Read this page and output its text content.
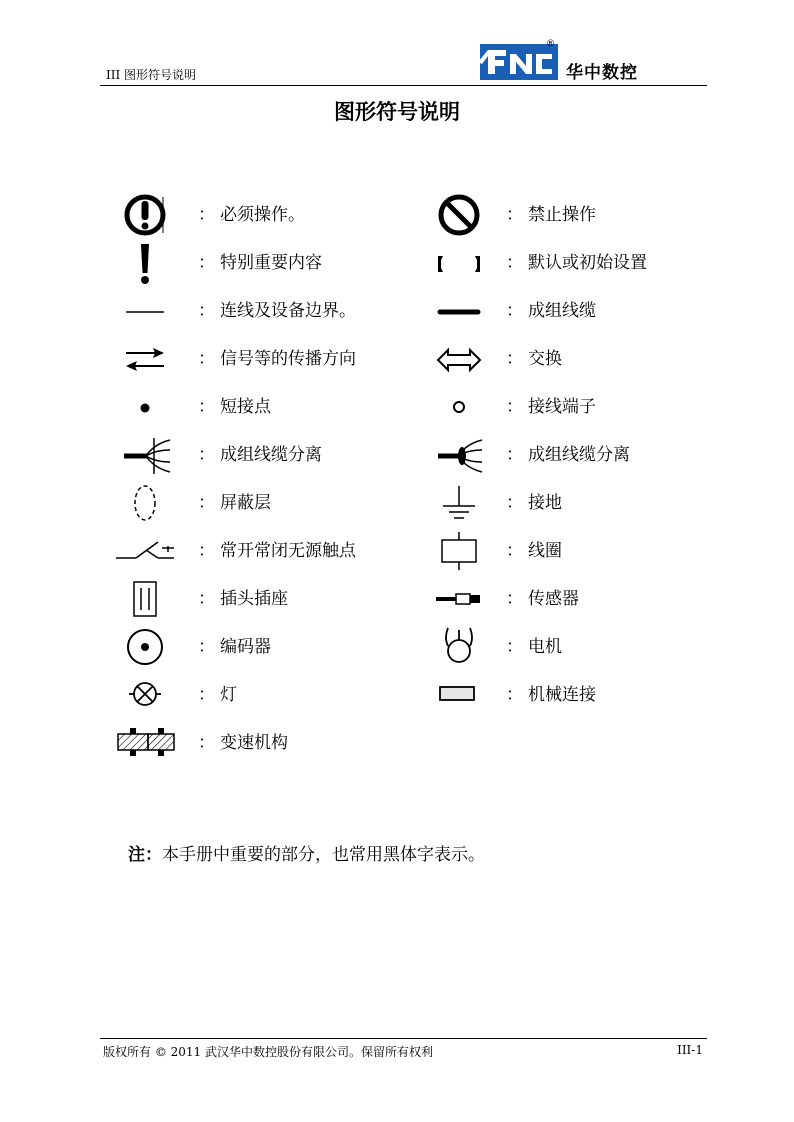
III 图形符号说明
®
华中数控
图形符号说明
： 必须操作。
： 特别重要内容
： 连线及设备边界。
： 信号等的传播方向
： 短接点
： 成组线缆分离
： 屏蔽层
： 常开常闭无源触点
： 插头插座
： 编码器
： 灯
： 变速机构
： 禁止操作
： 默认或初始设置
： 成组线缆
： 交换
： 接线端子
： 成组线缆分离
： 接地
： 线圈
： 传感器
： 电机
： 机械连接
注：本手册中重要的部分，也常用黑体字表示。
版权所有 © 2011 武汉华中数控股份有限公司。保留所有权利	III-1
